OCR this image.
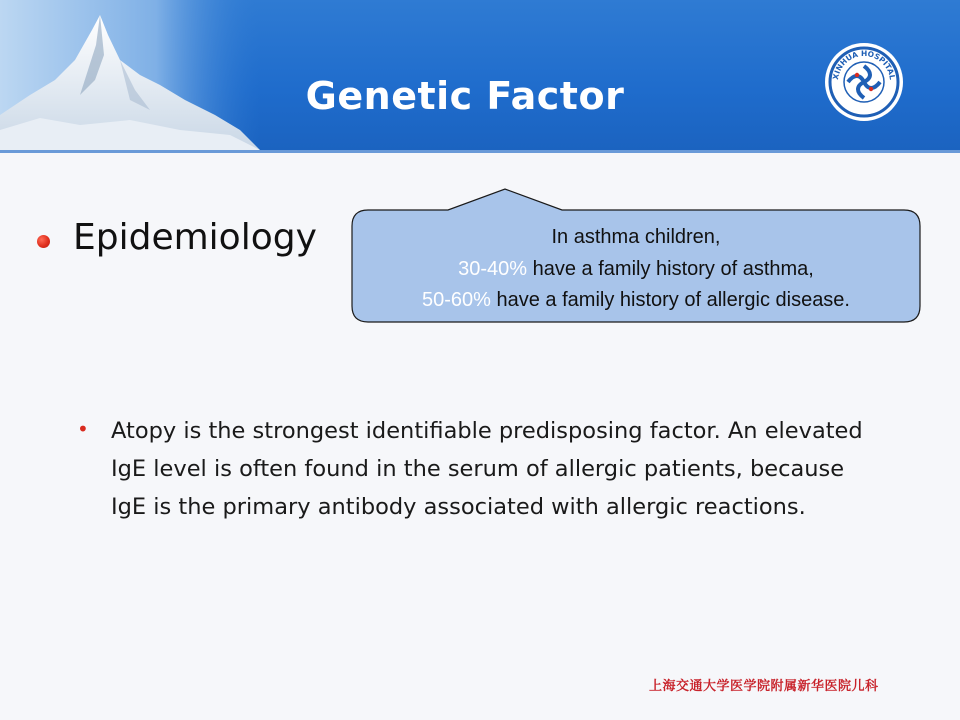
Genetic Factor	XINHUA HOSPITAL
Epidemiology	In asthma children,
30-40% have a family history of asthma,
50-60% have a family history of allergic disease.
• Atopy is the strongest identifiable predisposing factor. An elevated IgE level is often found in the serum of allergic patients, because IgE is the primary antibody associated with allergic reactions.
上海交通大学医学院附属新华医院儿科
